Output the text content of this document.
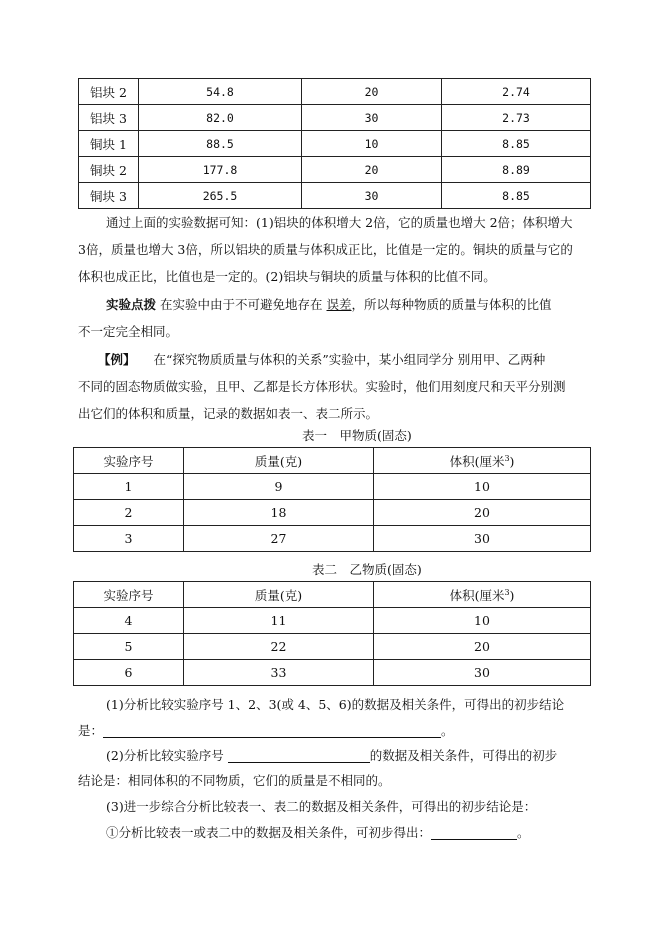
铝块 2	54.8	20	2.74
铝块 3	82.0	30	2.73
铜块 1	88.5	10	8.85
铜块 2	177.8	20	8.89
铜块 3	265.5	30	8.85
通过上面的实验数据可知：(1)铝块的体积增大 2倍，它的质量也增大 2倍；体积增大
3倍，质量也增大 3倍，所以铝块的质量与体积成正比，比值是一定的。铜块的质量与它的
体积也成正比，比值也是一定的。(2)铝块与铜块的质量与体积的比值不同。
实验点拨 在实验中由于不可避免地存在 误差，所以每种物质的质量与体积的比值
不一定完全相同。
【例】 在“探究物质质量与体积的关系”实验中，某小组同学分 别用甲、乙两种
不同的固态物质做实验，且甲、乙都是长方体形状。实验时，他们用刻度尺和天平分别测
出它们的体积和质量，记录的数据如表一、表二所示。
表一　甲物质(固态)
实验序号	质量(克)	体积(厘米$^3$)
1	9	10
2	18	20
3	27	30
表二　乙物质(固态)
实验序号	质量(克)	体积(厘米$^3$)
4	11	10
5	22	20
6	33	30
(1)分析比较实验序号 1、2、3(或 4、5、6)的数据及相关条件，可得出的初步结论
是：	。
(2)分析比较实验序号	的数据及相关条件，可得出的初步
结论是：相同体积的不同物质，它们的质量是不相同的。
(3)进一步综合分析比较表一、表二的数据及相关条件，可得出的初步结论是：
①分析比较表一或表二中的数据及相关条件，可初步得出：	。
